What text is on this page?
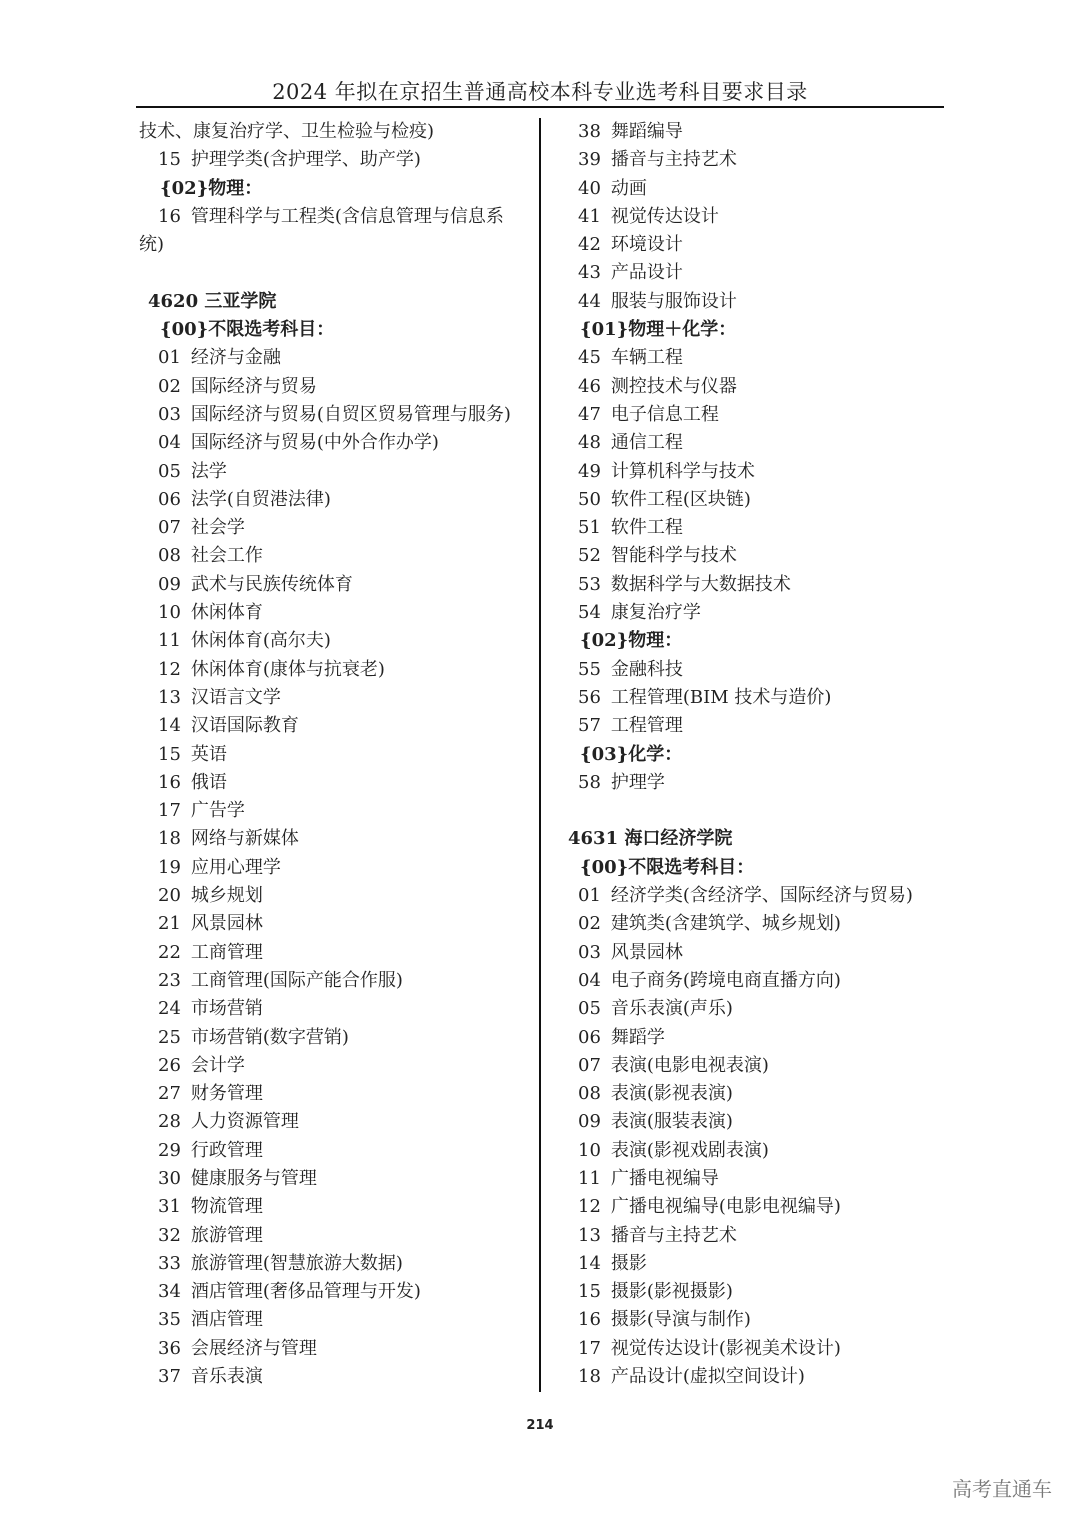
2024 年拟在京招生普通高校本科专业选考科目要求目录
技术、康复治疗学、卫生检验与检疫)
15 护理学类(含护理学、助产学)
{02}物理：
16 管理科学与工程类(含信息管理与信息系
统)
4620 三亚学院
{00}不限选考科目：
01 经济与金融
02 国际经济与贸易
03 国际经济与贸易(自贸区贸易管理与服务)
04 国际经济与贸易(中外合作办学)
05 法学
06 法学(自贸港法律)
07 社会学
08 社会工作
09 武术与民族传统体育
10 休闲体育
11 休闲体育(高尔夫)
12 休闲体育(康体与抗衰老)
13 汉语言文学
14 汉语国际教育
15 英语
16 俄语
17 广告学
18 网络与新媒体
19 应用心理学
20 城乡规划
21 风景园林
22 工商管理
23 工商管理(国际产能合作服)
24 市场营销
25 市场营销(数字营销)
26 会计学
27 财务管理
28 人力资源管理
29 行政管理
30 健康服务与管理
31 物流管理
32 旅游管理
33 旅游管理(智慧旅游大数据)
34 酒店管理(奢侈品管理与开发)
35 酒店管理
36 会展经济与管理
37 音乐表演
38 舞蹈编导
39 播音与主持艺术
40 动画
41 视觉传达设计
42 环境设计
43 产品设计
44 服装与服饰设计
{01}物理＋化学：
45 车辆工程
46 测控技术与仪器
47 电子信息工程
48 通信工程
49 计算机科学与技术
50 软件工程(区块链)
51 软件工程
52 智能科学与技术
53 数据科学与大数据技术
54 康复治疗学
{02}物理：
55 金融科技
56 工程管理(BIM 技术与造价)
57 工程管理
{03}化学：
58 护理学
4631 海口经济学院
{00}不限选考科目：
01 经济学类(含经济学、国际经济与贸易)
02 建筑类(含建筑学、城乡规划)
03 风景园林
04 电子商务(跨境电商直播方向)
05 音乐表演(声乐)
06 舞蹈学
07 表演(电影电视表演)
08 表演(影视表演)
09 表演(服装表演)
10 表演(影视戏剧表演)
11 广播电视编导
12 广播电视编导(电影电视编导)
13 播音与主持艺术
14 摄影
15 摄影(影视摄影)
16 摄影(导演与制作)
17 视觉传达设计(影视美术设计)
18 产品设计(虚拟空间设计)
214
高考直通车
